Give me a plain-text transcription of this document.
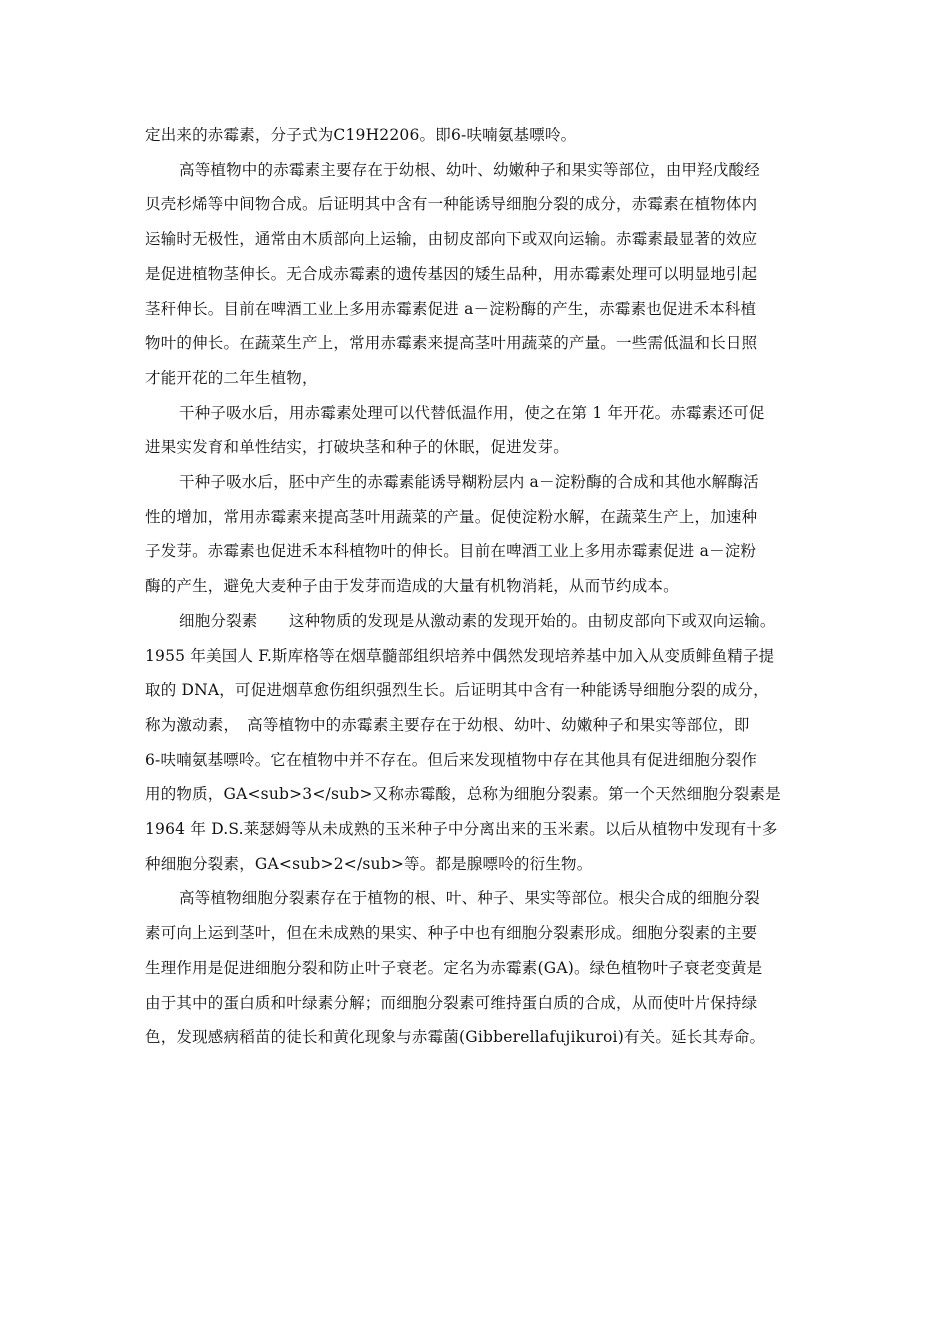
定出来的赤霉素，分子式为C19H2206。即6-呋喃氨基嘌呤。

高等植物中的赤霉素主要存在于幼根、幼叶、幼嫩种子和果实等部位，由甲羟戊酸经
贝壳杉烯等中间物合成。后证明其中含有一种能诱导细胞分裂的成分，赤霉素在植物体内
运输时无极性，通常由木质部向上运输，由韧皮部向下或双向运输。赤霉素最显著的效应
是促进植物茎伸长。无合成赤霉素的遗传基因的矮生品种，用赤霉素处理可以明显地引起
茎秆伸长。目前在啤酒工业上多用赤霉素促进 a－淀粉酶的产生，赤霉素也促进禾本科植
物叶的伸长。在蔬菜生产上，常用赤霉素来提高茎叶用蔬菜的产量。一些需低温和长日照
才能开花的二年生植物，

干种子吸水后，用赤霉素处理可以代替低温作用，使之在第 1 年开花。赤霉素还可促
进果实发育和单性结实，打破块茎和种子的休眠，促进发芽。

干种子吸水后，胚中产生的赤霉素能诱导糊粉层内 a－淀粉酶的合成和其他水解酶活
性的增加，常用赤霉素来提高茎叶用蔬菜的产量。促使淀粉水解，在蔬菜生产上，加速种
子发芽。赤霉素也促进禾本科植物叶的伸长。目前在啤酒工业上多用赤霉素促进 a－淀粉
酶的产生，避免大麦种子由于发芽而造成的大量有机物消耗，从而节约成本。

细胞分裂素　　这种物质的发现是从激动素的发现开始的。由韧皮部向下或双向运输。
1955 年美国人 F.斯库格等在烟草髓部组织培养中偶然发现培养基中加入从变质鲱鱼精子提
取的 DNA，可促进烟草愈伤组织强烈生长。后证明其中含有一种能诱导细胞分裂的成分，
称为激动素，　高等植物中的赤霉素主要存在于幼根、幼叶、幼嫩种子和果实等部位，即
6-呋喃氨基嘌呤。它在植物中并不存在。但后来发现植物中存在其他具有促进细胞分裂作
用的物质，GA<sub>3</sub>又称赤霉酸，总称为细胞分裂素。第一个天然细胞分裂素是
1964 年 D.S.莱瑟姆等从未成熟的玉米种子中分离出来的玉米素。以后从植物中发现有十多
种细胞分裂素，GA<sub>2</sub>等。都是腺嘌呤的衍生物。

高等植物细胞分裂素存在于植物的根、叶、种子、果实等部位。根尖合成的细胞分裂
素可向上运到茎叶，但在未成熟的果实、种子中也有细胞分裂素形成。细胞分裂素的主要
生理作用是促进细胞分裂和防止叶子衰老。定名为赤霉素(GA)。绿色植物叶子衰老变黄是
由于其中的蛋白质和叶绿素分解；而细胞分裂素可维持蛋白质的合成，从而使叶片保持绿
色，发现感病稻苗的徒长和黄化现象与赤霉菌(Gibberellafujikuroi)有关。延长其寿命。
